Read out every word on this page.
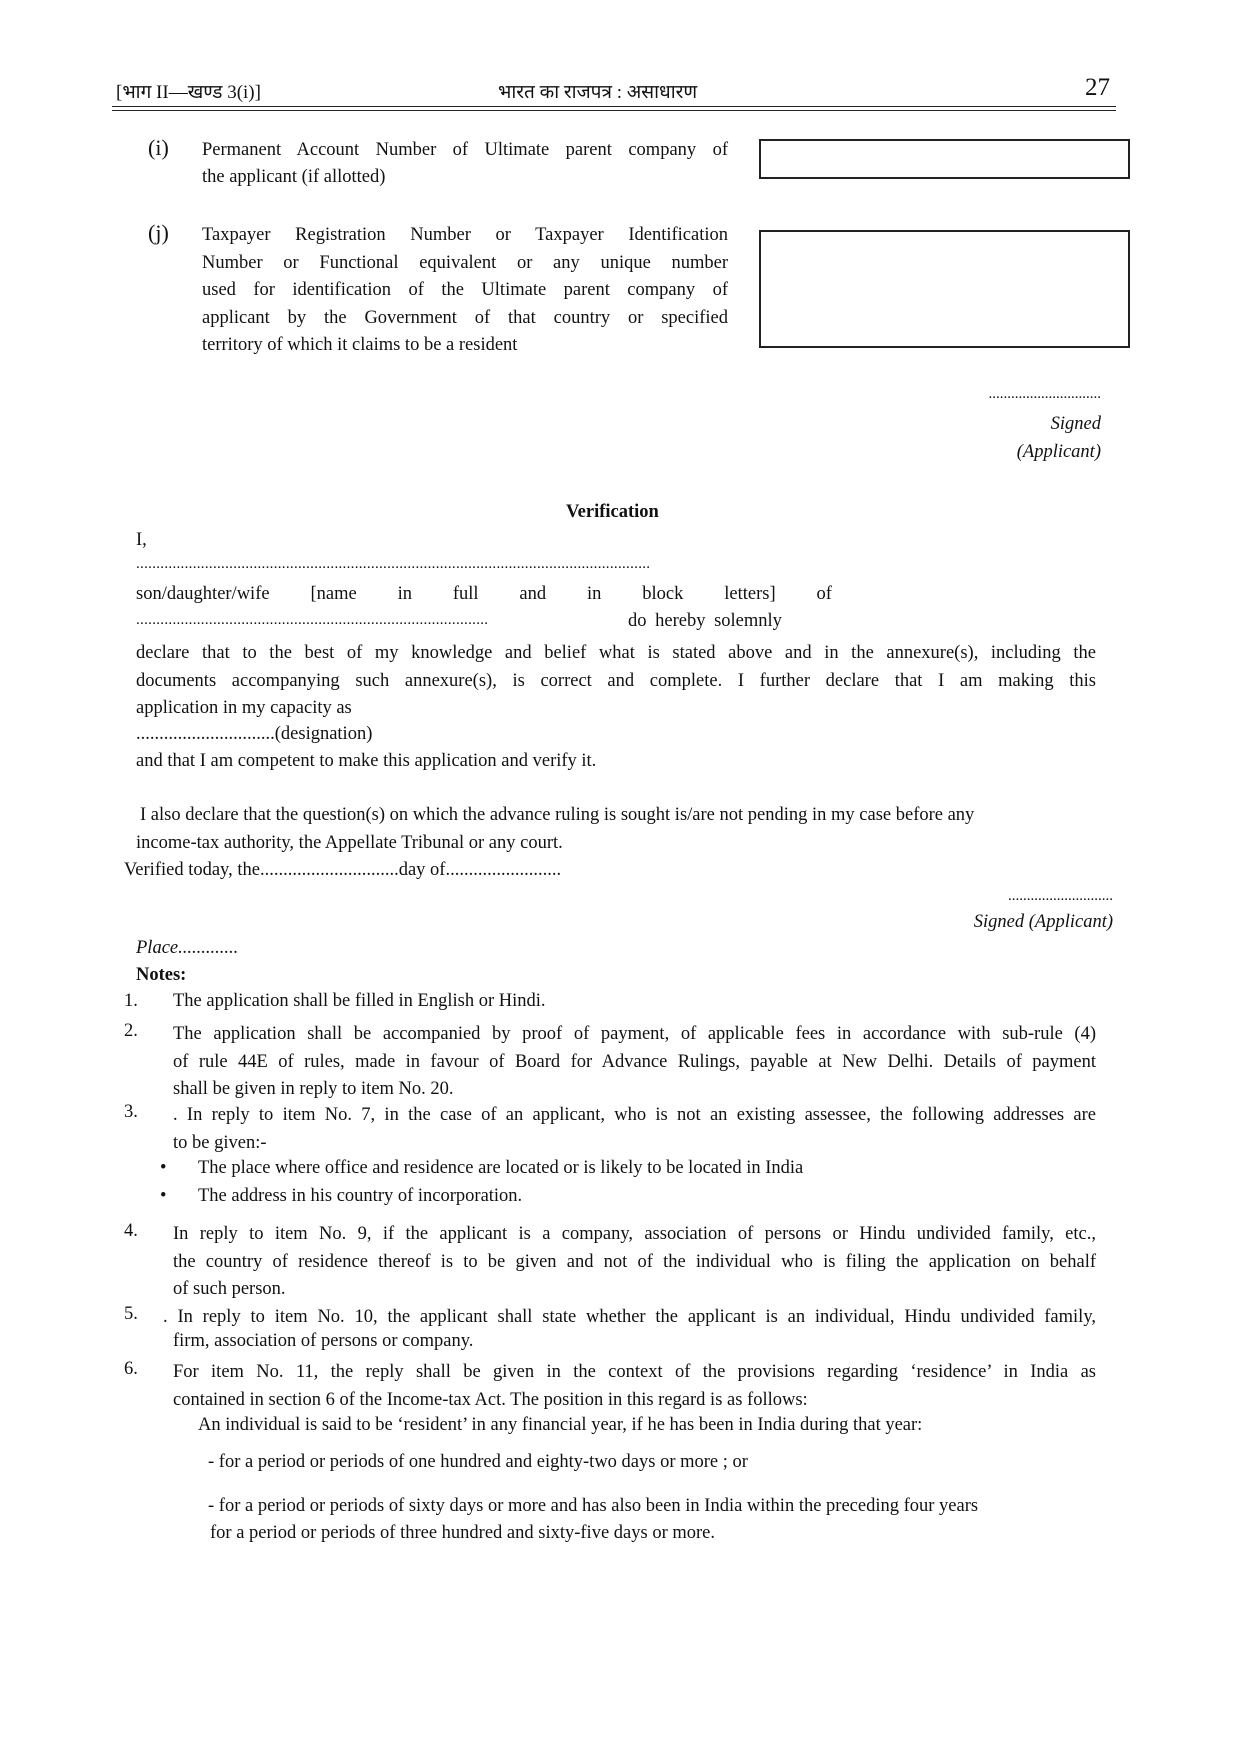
[भाग II—खण्ड 3(i)]	भारत का राजपत्र : असाधारण	27
(i) Permanent Account Number of Ultimate parent company of
the applicant (if allotted)
(j) Taxpayer Registration Number or Taxpayer Identification
Number or Functional equivalent or any unique number
used for identification of the Ultimate parent company of
applicant by the Government of that country or specified
territory of which it claims to be a resident
..............................
Signed
(Applicant)
Verification
I,
...............................................................................................................................
son/daughter/wife [name in full and in block letters] of
.......................................................................................	do hereby solemnly
declare that to the best of my knowledge and belief what is stated above and in the annexure(s), including the
documents accompanying such annexure(s), is correct and complete. I further declare that I am making this
application in my capacity as
..............................(designation)
and that I am competent to make this application and verify it.
I also declare that the question(s) on which the advance ruling is sought is/are not pending in my case before any
income-tax authority, the Appellate Tribunal or any court.
Verified today, the..............................day of.........................
............................
Signed (Applicant)
Place.............
Notes:
1. The application shall be filled in English or Hindi.
2. The application shall be accompanied by proof of payment, of applicable fees in accordance with sub-rule (4)
of rule 44E of rules, made in favour of Board for Advance Rulings, payable at New Delhi. Details of payment
shall be given in reply to item No. 20.
3. . In reply to item No. 7, in the case of an applicant, who is not an existing assessee, the following addresses are
to be given:-
• The place where office and residence are located or is likely to be located in India
• The address in his country of incorporation.
4. In reply to item No. 9, if the applicant is a company, association of persons or Hindu undivided family, etc.,
the country of residence thereof is to be given and not of the individual who is filing the application on behalf
of such person.
5. . In reply to item No. 10, the applicant shall state whether the applicant is an individual, Hindu undivided family,
firm, association of persons or company.
6. For item No. 11, the reply shall be given in the context of the provisions regarding ‘residence’ in India as
contained in section 6 of the Income-tax Act. The position in this regard is as follows:
An individual is said to be ‘resident’ in any financial year, if he has been in India during that year:
- for a period or periods of one hundred and eighty-two days or more ; or
- for a period or periods of sixty days or more and has also been in India within the preceding four years
for a period or periods of three hundred and sixty-five days or more.
